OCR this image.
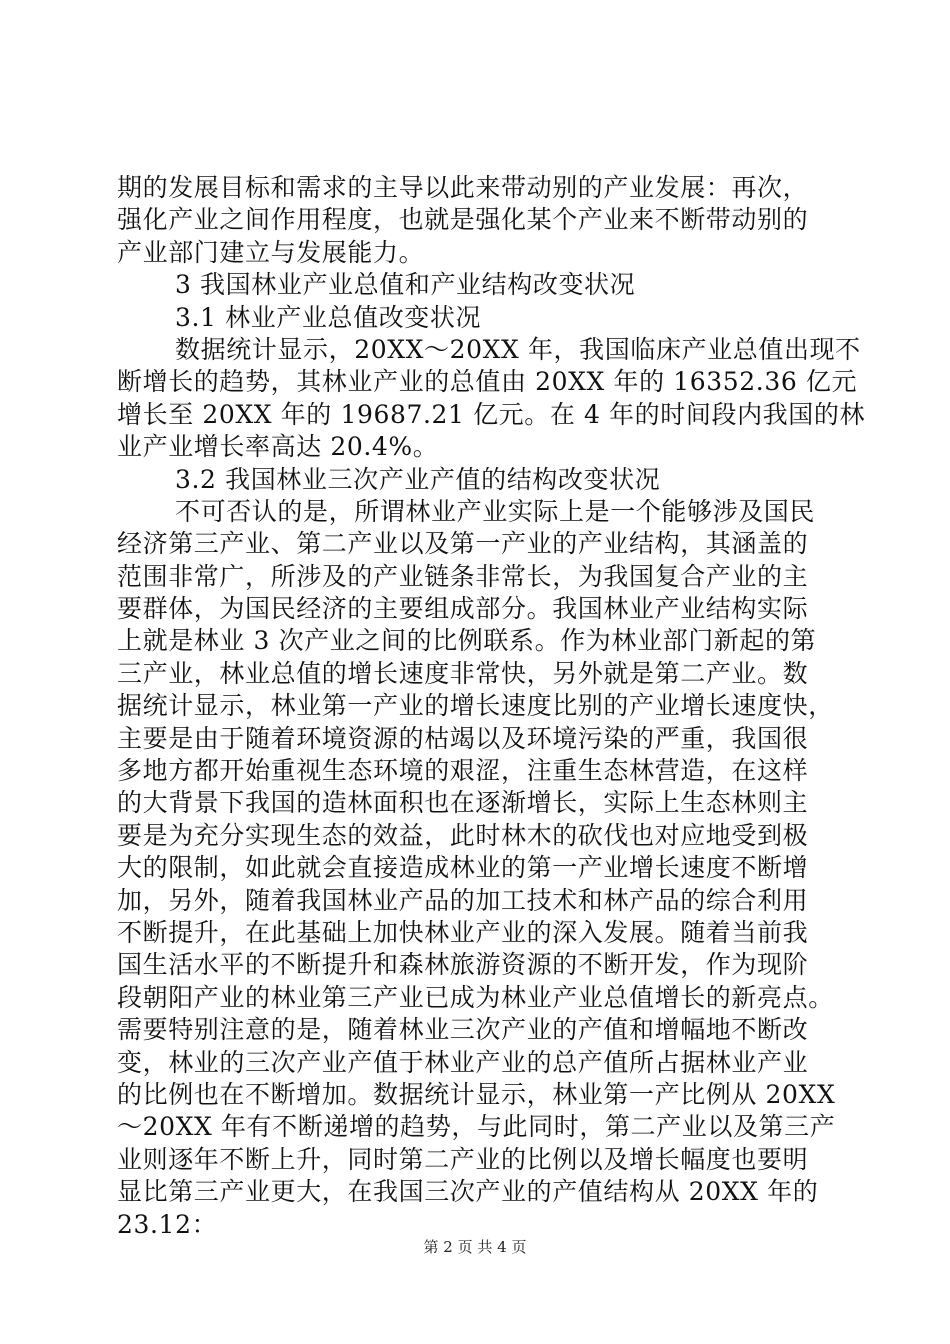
期的发展目标和需求的主导以此来带动别的产业发展：再次，
强化产业之间作用程度，也就是强化某个产业来不断带动别的
产业部门建立与发展能力。
3 我国林业产业总值和产业结构改变状况
3.1 林业产业总值改变状况
数据统计显示，20XX～20XX 年，我国临床产业总值出现不
断增长的趋势，其林业产业的总值由 20XX 年的 16352.36 亿元
增长至 20XX 年的 19687.21 亿元。在 4 年的时间段内我国的林
业产业增长率高达 20.4%。
3.2 我国林业三次产业产值的结构改变状况
不可否认的是，所谓林业产业实际上是一个能够涉及国民
经济第三产业、第二产业以及第一产业的产业结构，其涵盖的
范围非常广，所涉及的产业链条非常长，为我国复合产业的主
要群体，为国民经济的主要组成部分。我国林业产业结构实际
上就是林业 3 次产业之间的比例联系。作为林业部门新起的第
三产业，林业总值的增长速度非常快，另外就是第二产业。数
据统计显示，林业第一产业的增长速度比别的产业增长速度快，
主要是由于随着环境资源的枯竭以及环境污染的严重，我国很
多地方都开始重视生态环境的艰涩，注重生态林营造，在这样
的大背景下我国的造林面积也在逐渐增长，实际上生态林则主
要是为充分实现生态的效益，此时林木的砍伐也对应地受到极
大的限制，如此就会直接造成林业的第一产业增长速度不断增
加，另外，随着我国林业产品的加工技术和林产品的综合利用
不断提升，在此基础上加快林业产业的深入发展。随着当前我
国生活水平的不断提升和森林旅游资源的不断开发，作为现阶
段朝阳产业的林业第三产业已成为林业产业总值增长的新亮点。
需要特别注意的是，随着林业三次产业的产值和增幅地不断改
变，林业的三次产业产值于林业产业的总产值所占据林业产业
的比例也在不断增加。数据统计显示，林业第一产比例从 20XX
～20XX 年有不断递增的趋势，与此同时，第二产业以及第三产
业则逐年不断上升，同时第二产业的比例以及增长幅度也要明
显比第三产业更大，在我国三次产业的产值结构从 20XX 年的
23.12：
第 2 页 共 4 页
